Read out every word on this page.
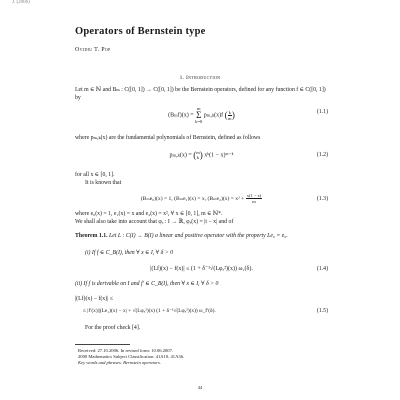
J. (2006)
Operators of Bernstein type
Ovidiu T. Pop
1. Introduction

Let m ∈ ℕ and Bₘ : C([0, 1]) → C([0, 1]) be the Bernstein operators, defined for any function f ∈ C([0, 1]) by

(Bₘf)(x) =
m
Σ
k=0
pₘ,ₖ(x)f ( $\frac{k}{m}$ )	(1.1)

where pₘ,ₖ(x) are the fundamental polynomials of Bernstein, defined as follows

pₘ,ₖ(x) = ( m
k ) xᵏ(1 − x)ᵐ⁻ᵏ	(1.2)

for all x ∈ [0, 1].

It is known that

(Bₘe₀)(x) = 1, (Bₘe₁)(x) = x, $(B_me_2)(x) = x^2 + \frac{x(1 - x)}{m}$	(1.3)

where e₀(x) = 1, e₁(x) = x and e₂(x) = x², ∀ x ∈ [0, 1], m ∈ ℕ*.

We shall also take into account that φₓ : I → ℝ, φₓ(x) = |t − x| and of

Theorem 1.1. Let L : C(I) → B(I) a linear and positive operator with the property Le₀ = e₀.

(i) If f ∈ C_B(I), then ∀ x ∈ I, ∀ δ > 0

|(Lf)(x) − f(x)| ≤ (1 + δ⁻¹√(Lφₓ²)(x)) ω₁(δ).	(1.4)

(ii) If f is derivable on I and f′ ∈ C_B(I), then ∀ x ∈ I, ∀ δ > 0

|(Lf)(x) − f(x)| ≤

≤ |f′(x)||(Le₁)(x) − x| + √(Lφₓ²)(x) (1 + δ⁻¹√(Lφₓ²)(x)) ω_f′(δ).	(1.5)

For the proof check [4].

Received: 27.10.2006. In revised form: 10.06.2007.
2000 Mathematics Subject Classification. 41A10, 41A36.
Key words and phrases. Bernstein operators.
44
